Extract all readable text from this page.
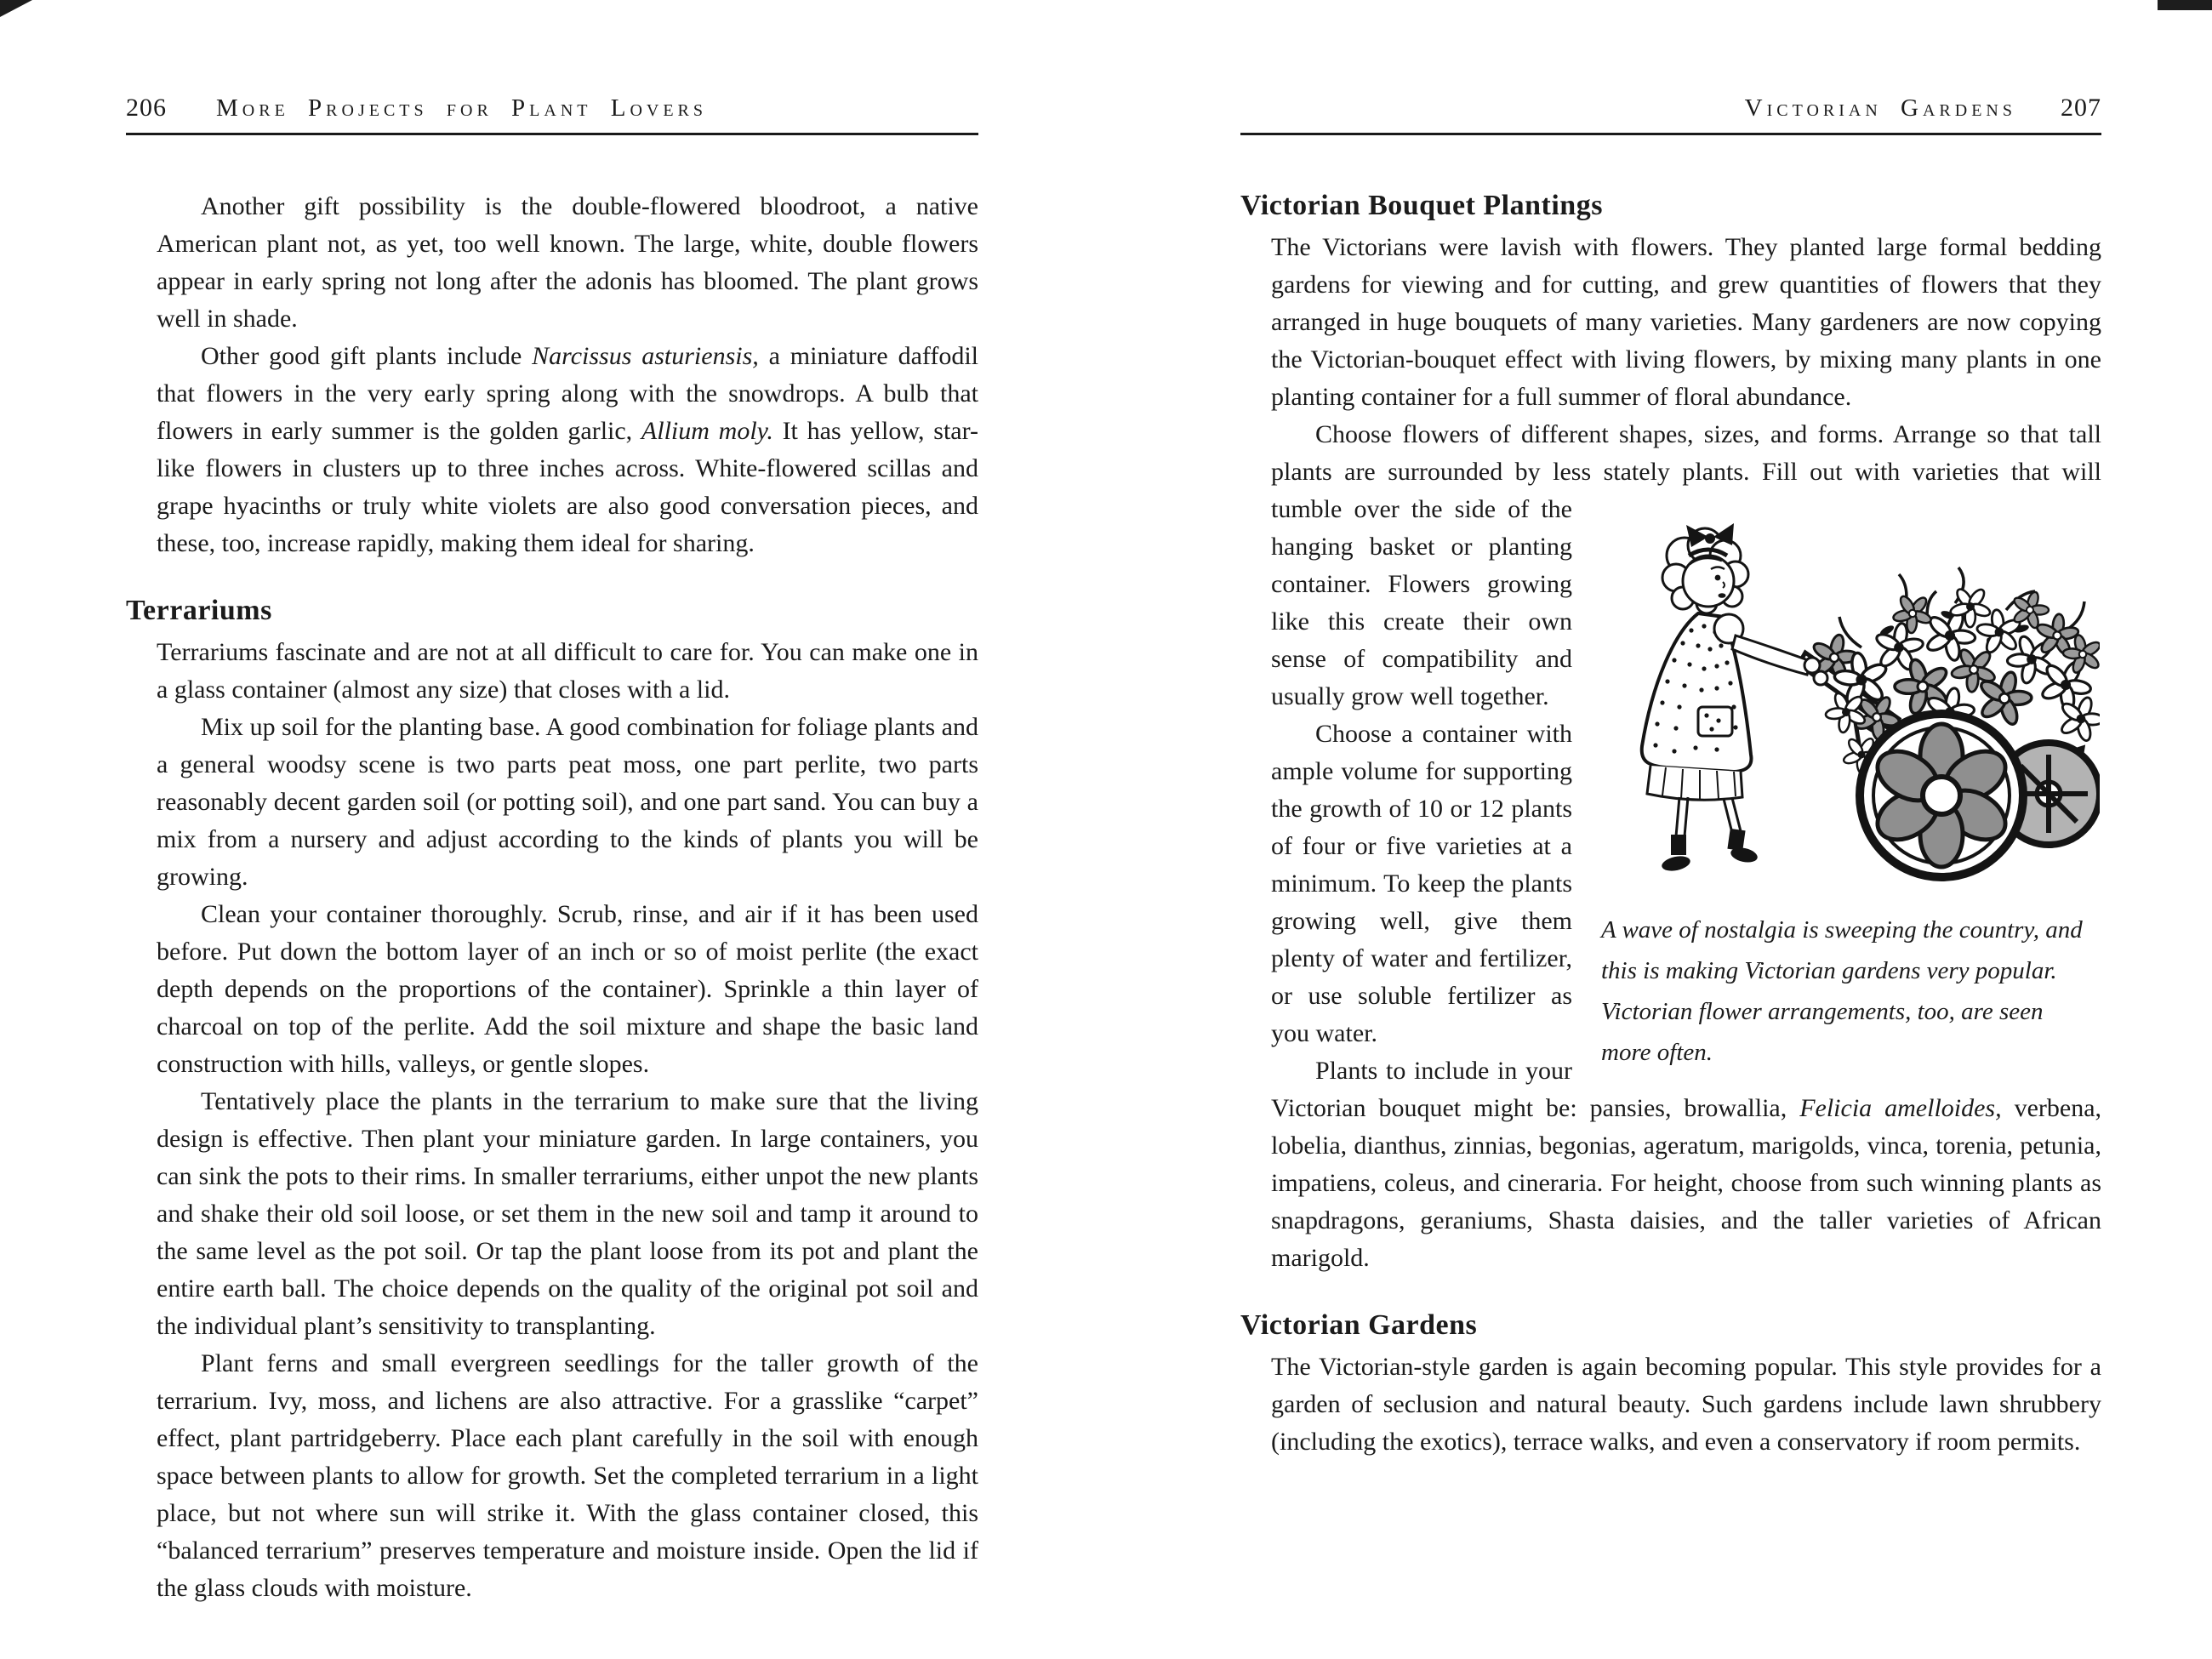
206 More Projects for Plant Lovers

Another gift possibility is the double-flowered bloodroot, a native American plant not, as yet, too well known. The large, white, double flowers appear in early spring not long after the adonis has bloomed. The plant grows well in shade.

Other good gift plants include Narcissus asturiensis, a miniature daffodil that flowers in the very early spring along with the snowdrops. A bulb that flowers in early summer is the golden garlic, Allium moly. It has yellow, star-like flowers in clusters up to three inches across. White-flowered scillas and grape hyacinths or truly white violets are also good conversation pieces, and these, too, increase rapidly, making them ideal for sharing.

Terrariums

Terrariums fascinate and are not at all difficult to care for. You can make one in a glass container (almost any size) that closes with a lid.

Mix up soil for the planting base. A good combination for foliage plants and a general woodsy scene is two parts peat moss, one part perlite, two parts reasonably decent garden soil (or potting soil), and one part sand. You can buy a mix from a nursery and adjust according to the kinds of plants you will be growing.

Clean your container thoroughly. Scrub, rinse, and air if it has been used before. Put down the bottom layer of an inch or so of moist perlite (the exact depth depends on the proportions of the container). Sprinkle a thin layer of charcoal on top of the perlite. Add the soil mixture and shape the basic land construction with hills, valleys, or gentle slopes.

Tentatively place the plants in the terrarium to make sure that the living design is effective. Then plant your miniature garden. In large containers, you can sink the pots to their rims. In smaller terrariums, either unpot the new plants and shake their old soil loose, or set them in the new soil and tamp it around to the same level as the pot soil. Or tap the plant loose from its pot and plant the entire earth ball. The choice depends on the quality of the original pot soil and the individual plant’s sensitivity to transplanting.

Plant ferns and small evergreen seedlings for the taller growth of the terrarium. Ivy, moss, and lichens are also attractive. For a grasslike “carpet” effect, plant partridgeberry. Place each plant carefully in the soil with enough space between plants to allow for growth. Set the completed terrarium in a light place, but not where sun will strike it. With the glass container closed, this “balanced terrarium” preserves temperature and moisture inside. Open the lid if the glass clouds with moisture.

Victorian Gardens 207
Victorian Bouquet Plantings

The Victorians were lavish with flowers. They planted large formal bedding gardens for viewing and for cutting, and grew quantities of flowers that they arranged in huge bouquets of many varieties. Many gardeners are now copying the Victorian-bouquet effect with living flowers, by mixing many plants in one planting container for a full summer of floral abundance.

Choose flowers of different shapes, sizes, and forms. Arrange so that tall plants are surrounded by less stately plants. Fill out with varieties that will

A wave of nostalgia is sweeping the country, and this is making Victorian gardens very popular. Victorian flower arrangements, too, are seen more often.

tumble over the side of the hanging basket or planting container. Flowers growing like this create their own sense of compatibility and usually grow well together.

Choose a container with ample volume for supporting the growth of 10 or 12 plants of four or five varieties at a minimum. To keep the plants growing well, give them plenty of water and fertilizer, or use soluble fertilizer as you water.

Plants to include in your Victorian bouquet might be: pansies, browallia, Felicia amelloides, verbena, lobelia, dianthus, zinnias, begonias, ageratum, marigolds, vinca, torenia, petunia, impatiens, coleus, and cineraria. For height, choose from such winning plants as snapdragons, geraniums, Shasta daisies, and the taller varieties of African marigold.

Victorian Gardens

The Victorian-style garden is again becoming popular. This style provides for a garden of seclusion and natural beauty. Such gardens include lawn shrubbery (including the exotics), terrace walks, and even a conservatory if room permits.
